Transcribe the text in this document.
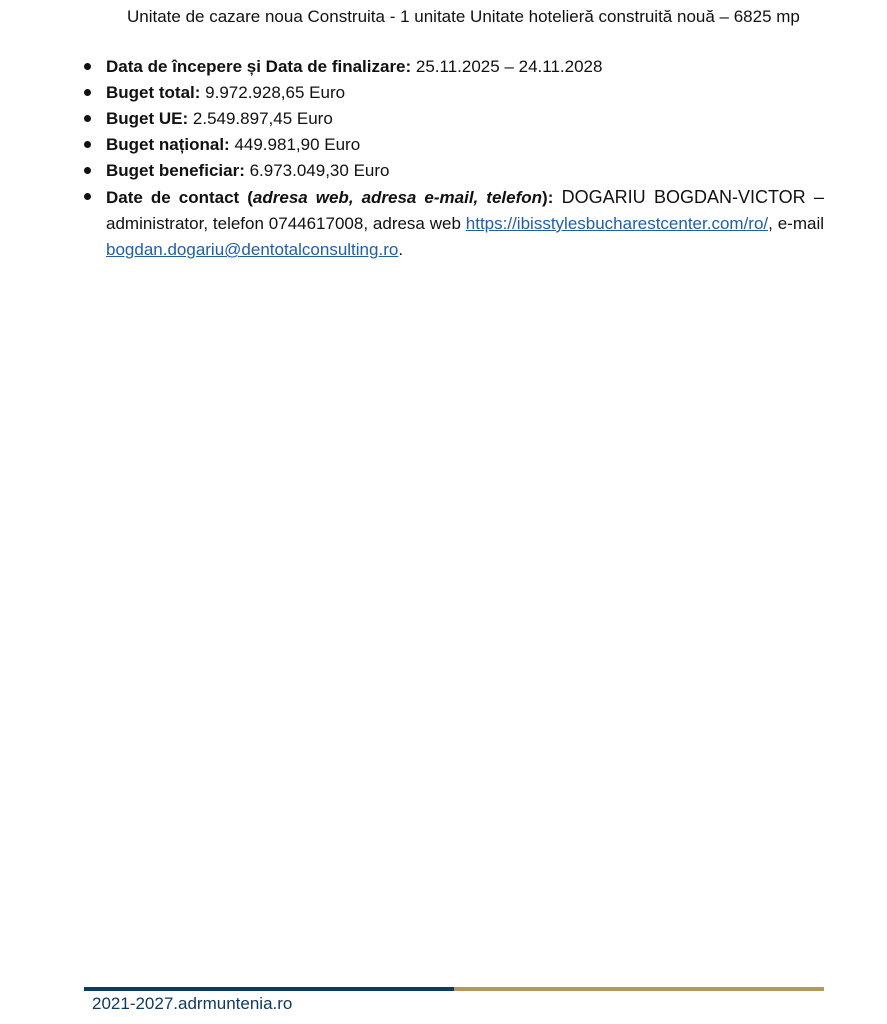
Unitate de cazare noua Construita - 1 unitate Unitate hotelieră construită nouă – 6825 mp
Data de începere și Data de finalizare: 25.11.2025 – 24.11.2028
Buget total: 9.972.928,65 Euro
Buget UE: 2.549.897,45 Euro
Buget național: 449.981,90 Euro
Buget beneficiar: 6.973.049,30 Euro
Date de contact (adresa web, adresa e-mail, telefon): DOGARIU BOGDAN-VICTOR – administrator, telefon 0744617008, adresa web https://ibisstylesbucharestcenter.com/ro/, e-mail bogdan.dogariu@dentotalconsulting.ro.
2021-2027.adrmuntenia.ro
